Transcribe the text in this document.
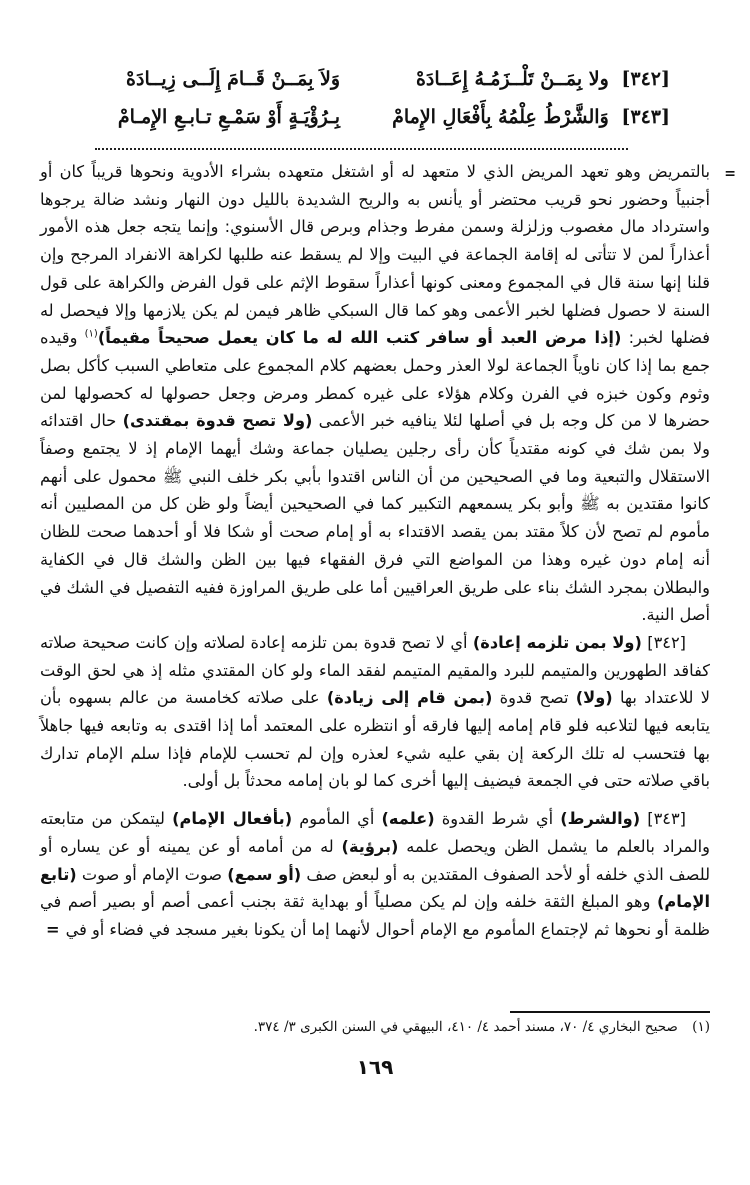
[٣٤٢] ولا بِمَــنْ تَلْــزَمُـهُ إِعَــادَهْ
وَلاَ بِمَــنْ قَــامَ إِلَــى زِيــادَهْ
[٣٤٣] وَالشَّرْطُ عِلْمُهُ بِأَفْعَالِ الإِمامْ
بِـرُؤْيَـةٍ أَوْ سَمْـعِ تـابـعِ الإِمـامْ
=

بالتمريض وهو تعهد المريض الذي لا متعهد له أو اشتغل متعهده بشراء الأدوية ونحوها قريباً كان أو أجنبياً وحضور نحو قريب محتضر أو يأنس به والريح الشديدة بالليل دون النهار ونشد ضالة يرجوها واسترداد مال مغصوب وزلزلة وسمن مفرط وجذام وبرص قال الأسنوي: وإنما يتجه جعل هذه الأمور أعذاراً لمن لا تتأتى له إقامة الجماعة في البيت وإلا لم يسقط عنه طلبها لكراهة الانفراد المرجح وإن قلنا إنها سنة قال في المجموع ومعنى كونها أعذاراً سقوط الإثم على قول الفرض والكراهة على قول السنة لا حصول فضلها لخبر الأعمى وهو كما قال السبكي ظاهر فيمن لم يكن يلازمها وإلا فيحصل له فضلها لخبر: (إذا مرض العبد أو سافر كتب الله له ما كان يعمل صحيحاً مقيماً)$^{(١)}$ وقيده جمع بما إذا كان ناوياً الجماعة لولا العذر وحمل بعضهم كلام المجموع على متعاطي السبب كأكل بصل وثوم وكون خبزه في الفرن وكلام هؤلاء على غيره كمطر ومرض وجعل حصولها له كحصولها لمن حضرها لا من كل وجه بل في أصلها لئلا ينافيه خبر الأعمى (ولا تصح قدوة بمقتدى) حال اقتدائه ولا بمن شك في كونه مقتدياً كأن رأى رجلين يصليان جماعة وشك أيهما الإمام إذ لا يجتمع وصفاً الاستقلال والتبعية وما في الصحيحين من أن الناس اقتدوا بأبي بكر خلف النبي ﷺ محمول على أنهم كانوا مقتدين به ﷺ وأبو بكر يسمعهم التكبير كما في الصحيحين أيضاً ولو ظن كل من المصليين أنه مأموم لم تصح لأن كلاً مقتد بمن يقصد الاقتداء به أو إمام صحت أو شكا فلا أو أحدهما صحت للظان أنه إمام دون غيره وهذا من المواضع التي فرق الفقهاء فيها بين الظن والشك قال في الكفاية والبطلان بمجرد الشك بناء على طريق العراقيين أما على طريق المراوزة ففيه التفصيل في الشك في أصل النية.

[٣٤٢] (ولا بمن تلزمه إعادة) أي لا تصح قدوة بمن تلزمه إعادة لصلاته وإن كانت صحيحة صلاته كفاقد الطهورين والمتيمم للبرد والمقيم المتيمم لفقد الماء ولو كان المقتدي مثله إذ هي لحق الوقت لا للاعتداد بها (ولا) تصح قدوة (بمن قام إلى زيادة) على صلاته كخامسة من عالم بسهوه بأن يتابعه فيها لتلاعبه فلو قام إمامه إليها فارقه أو انتظره على المعتمد أما إذا اقتدى به وتابعه فيها جاهلاً بها فتحسب له تلك الركعة إن بقي عليه شيء لعذره وإن لم تحسب للإمام فإذا سلم الإمام تدارك باقي صلاته حتى في الجمعة فيضيف إليها أخرى كما لو بان إمامه محدثاً بل أولى.

[٣٤٣] (والشرط) أي شرط القدوة (علمه) أي المأموم (بأفعال الإمام) ليتمكن من متابعته والمراد بالعلم ما يشمل الظن ويحصل علمه (برؤية) له من أمامه أو عن يمينه أو عن يساره أو للصف الذي خلفه أو لأحد الصفوف المقتدين به أو لبعض صف (أو سمع) صوت الإمام أو صوت (تابع الإمام) وهو المبلغ الثقة خلفه وإن لم يكن مصلياً أو بهداية ثقة بجنب أعمى أصم أو بصير أصم في ظلمة أو نحوها ثم لإجتماع المأموم مع الإمام أحوال لأنهما إما أن يكونا بغير مسجد في فضاء أو في=

(١) صحيح البخاري ٤/ ٧٠، مسند أحمد ٤/ ٤١٠، البيهقي في السنن الكبرى ٣/ ٣٧٤.
١٦٩
